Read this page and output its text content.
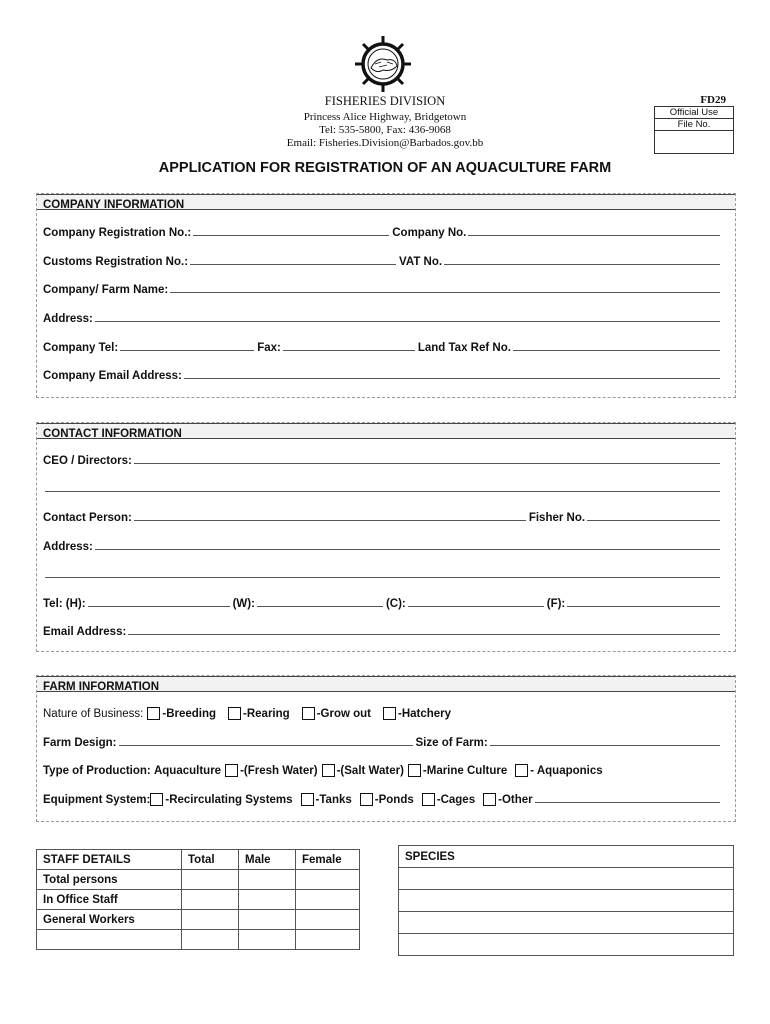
FISHERIES DIVISION
Princess Alice Highway, Bridgetown
Tel: 535-5800, Fax: 436-9068
Email: Fisheries.Division@Barbados.gov.bb
FD29
Official Use
File No.
APPLICATION FOR REGISTRATION OF AN AQUACULTURE FARM
COMPANY INFORMATION
Company Registration No.:	Company No.
Customs Registration No.:	VAT No.
Company/ Farm Name:
Address:
Company Tel:	Fax:	Land Tax Ref No.
Company Email Address:
CONTACT INFORMATION
CEO / Directors:
Contact Person:	Fisher No.
Address:
Tel: (H):	(W):	(C):	(F):
Email Address:
FARM INFORMATION
Nature of Business: -Breeding -Rearing -Grow out -Hatchery
Farm Design:	Size of Farm:
Type of Production:
Aquaculture -(Fresh Water) -(Salt Water) -Marine Culture - Aquaponics
Equipment System: -Recirculating Systems -Tanks -Ponds -Cages -Other
STAFF DETAILS	Total	Male	Female
Total persons			
In Office Staff			
General Workers			

SPECIES
